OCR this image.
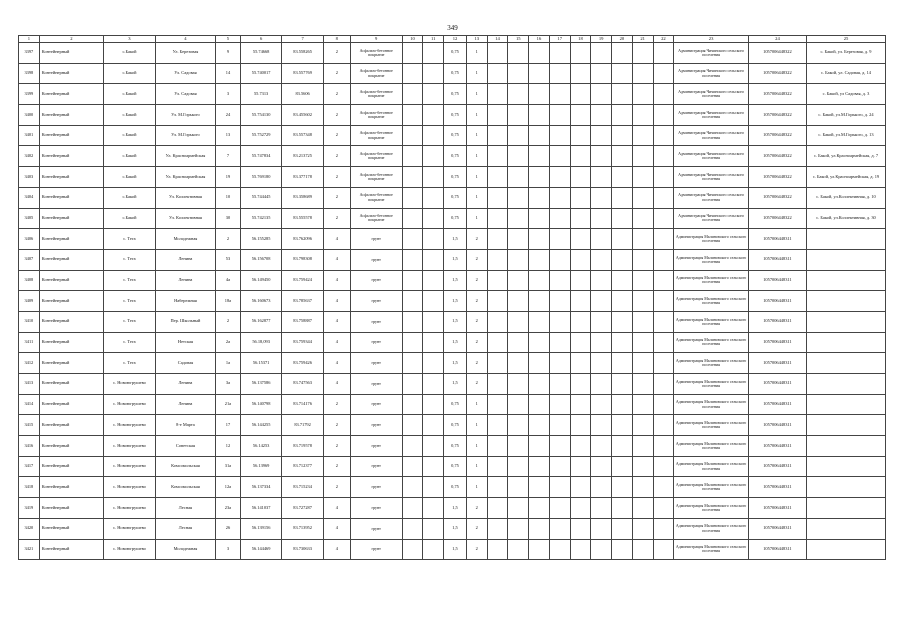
349
1	2	3	4	5	6	7	8	9	10	11	12	13	14	15	16	17	18	19	20	21	22	23	24	25
3397	Контейнерный	с.Бакой	Ул. Березовая	9	55.74668	83.558265	2	Асфальто-бетонное покрытие			0,75	1										Администрация Чичинского сельского поселения	1057006448322	с. Бакой, ул. Березовая, д. 9
3398	Контейнерный	с.Бакой	Ул. Садовая	14	55.740017	83.557769	2	Асфальто-бетонное покрытие			0,75	1										Администрация Чичинского сельского поселения	1057006448322	с. Бакой, ул. Садовая, д. 14
3399	Контейнерный	с.Бакой	Ул. Садовая	3	55.7313	83.5606	2	Асфальто-бетонное покрытие			0,75	1										Администрация Чичинского сельского поселения	1057006448322	с. Бакой, ул Садовая, д. 3
3400	Контейнерный	с.Бакой	Ул. М.Горького	24	55.754130	83.455602	2	Асфальто-бетонное покрытие			0,75	1										Администрация Чичинского сельского поселения	1057006448322	с. Бакой, ул.М.Горького, д. 24
3401	Контейнерный	с.Бакой	Ул. М.Горького	13	55.752729	83.557348	2	Асфальто-бетонное покрытие			0,75	1										Администрация Чичинского сельского поселения	1057006448322	с. Бакой, ул.М.Горького, д. 13
3402	Контейнерный	с.Бакой	Ул. Красноармейская	7	55.747834	83.213725	2	Асфальто-бетонное покрытие			0,75	1										Администрация Чичинского сельского поселения	1057006448322	с. Бакой, ул.Красноармейская, д. 7
3403	Контейнерный	с.Бакой	Ул. Красноармейская	19	55.769180	83.377178	2	Асфальто-бетонное покрытие			0,75	1										Администрация Чичинского сельского поселения	1057006448322	с. Бакой, ул.Красноармейская, д. 19
3404	Контейнерный	с.Бакой	Ул. Коллективная	10	55.744445	83.358689	2	Асфальто-бетонное покрытие			0,75	1										Администрация Чичинского сельского поселения	1057006448322	с. Бакой, ул.Коллективная, д. 10
3405	Контейнерный	с.Бакой	Ул. Коллективная	30	55.742135	83.555578	2	Асфальто-бетонное покрытие			0,75	1										Администрация Чичинского сельского поселения	1057006448322	с. Бакой, ул.Коллективная, д. 30
3406	Контейнерный	с. Тега	Молодежная	2	56.155285	83.762096	4	грунт			1,5	2										Администрация Малиновского сельского поселения	1057006448311	
3407	Контейнерный	с. Тега	Ленина	53	56.156708	83.798308	4	грунт			1,5	2										Администрация Малиновского сельского поселения	1057006448311	
3408	Контейнерный	с. Тега	Ленина	4а	56.149450	83.759424	4	грунт			1,5	2										Администрация Малиновского сельского поселения	1057006448311	
3409	Контейнерный	с. Тега	Набережная	18а	56.160673	83.785637	4	грунт			1,5	2										Администрация Малиновского сельского поселения	1057006448311	
3410	Контейнерный	с. Тега	Пер. Школьный	2	56.162877	83.758887	4	грунт			1,5	2										Администрация Малиновского сельского поселения	1057006448311	
3411	Контейнерный	с. Тега	Нетская	2а	56.18,093	83.759344	4	грунт			1,5	2										Администрация Малиновского сельского поселения	1057006448311	
3412	Контейнерный	с. Тега	Садовая	1а	56.15371	83.759426	4	грунт			1,5	2										Администрация Малиновского сельского поселения	1057006448311	
3413	Контейнерный	с. Новоюгрушево	Ленина	3а	56.137586	83.747563	4	грунт			1,5	2										Администрация Малиновского сельского поселения	1057006448311	
3414	Контейнерный	с. Новоюгрушево	Ленина	21а	56.140798	83.714176	2	грунт			0,75	1										Администрация Малиновского сельского поселения	1057006448311	
3415	Контейнерный	с. Новоюгрушево	8-е Марта	17	56.144255	83.71792	2	грунт			0,75	1										Администрация Малиновского сельского поселения	1057006448311	
3416	Контейнерный	с. Новоюгрушево	Советская	12	56.14253	83.719578	2	грунт			0,75	1										Администрация Малиновского сельского поселения	1057006448311	
3417	Контейнерный	с. Новоюгрушево	Комсомольская	31а	56.13969	83.712377	2	грунт			0,75	1										Администрация Малиновского сельского поселения	1057006448311	
3418	Контейнерный	с. Новоюгрушево	Комсомольская	12а	56.137334	83.715234	2	грунт			0,75	1										Администрация Малиновского сельского поселения	1057006448311	
3419	Контейнерный	с. Новоюгрушево	Лесная	23а	56.141037	83.727287	4	грунт			1,5	2										Администрация Малиновского сельского поселения	1057006448311	
3420	Контейнерный	с. Новоюгрушево	Лесная	26	56.139156	83.713952	4	грунт			1,5	2										Администрация Малиновского сельского поселения	1057006448311	
3421	Контейнерный	с. Новоюгрушево	Молодежная	3	56.144469	83.730633	4	грунт			1,5	2										Администрация Малиновского сельского поселения	1057006448311	
